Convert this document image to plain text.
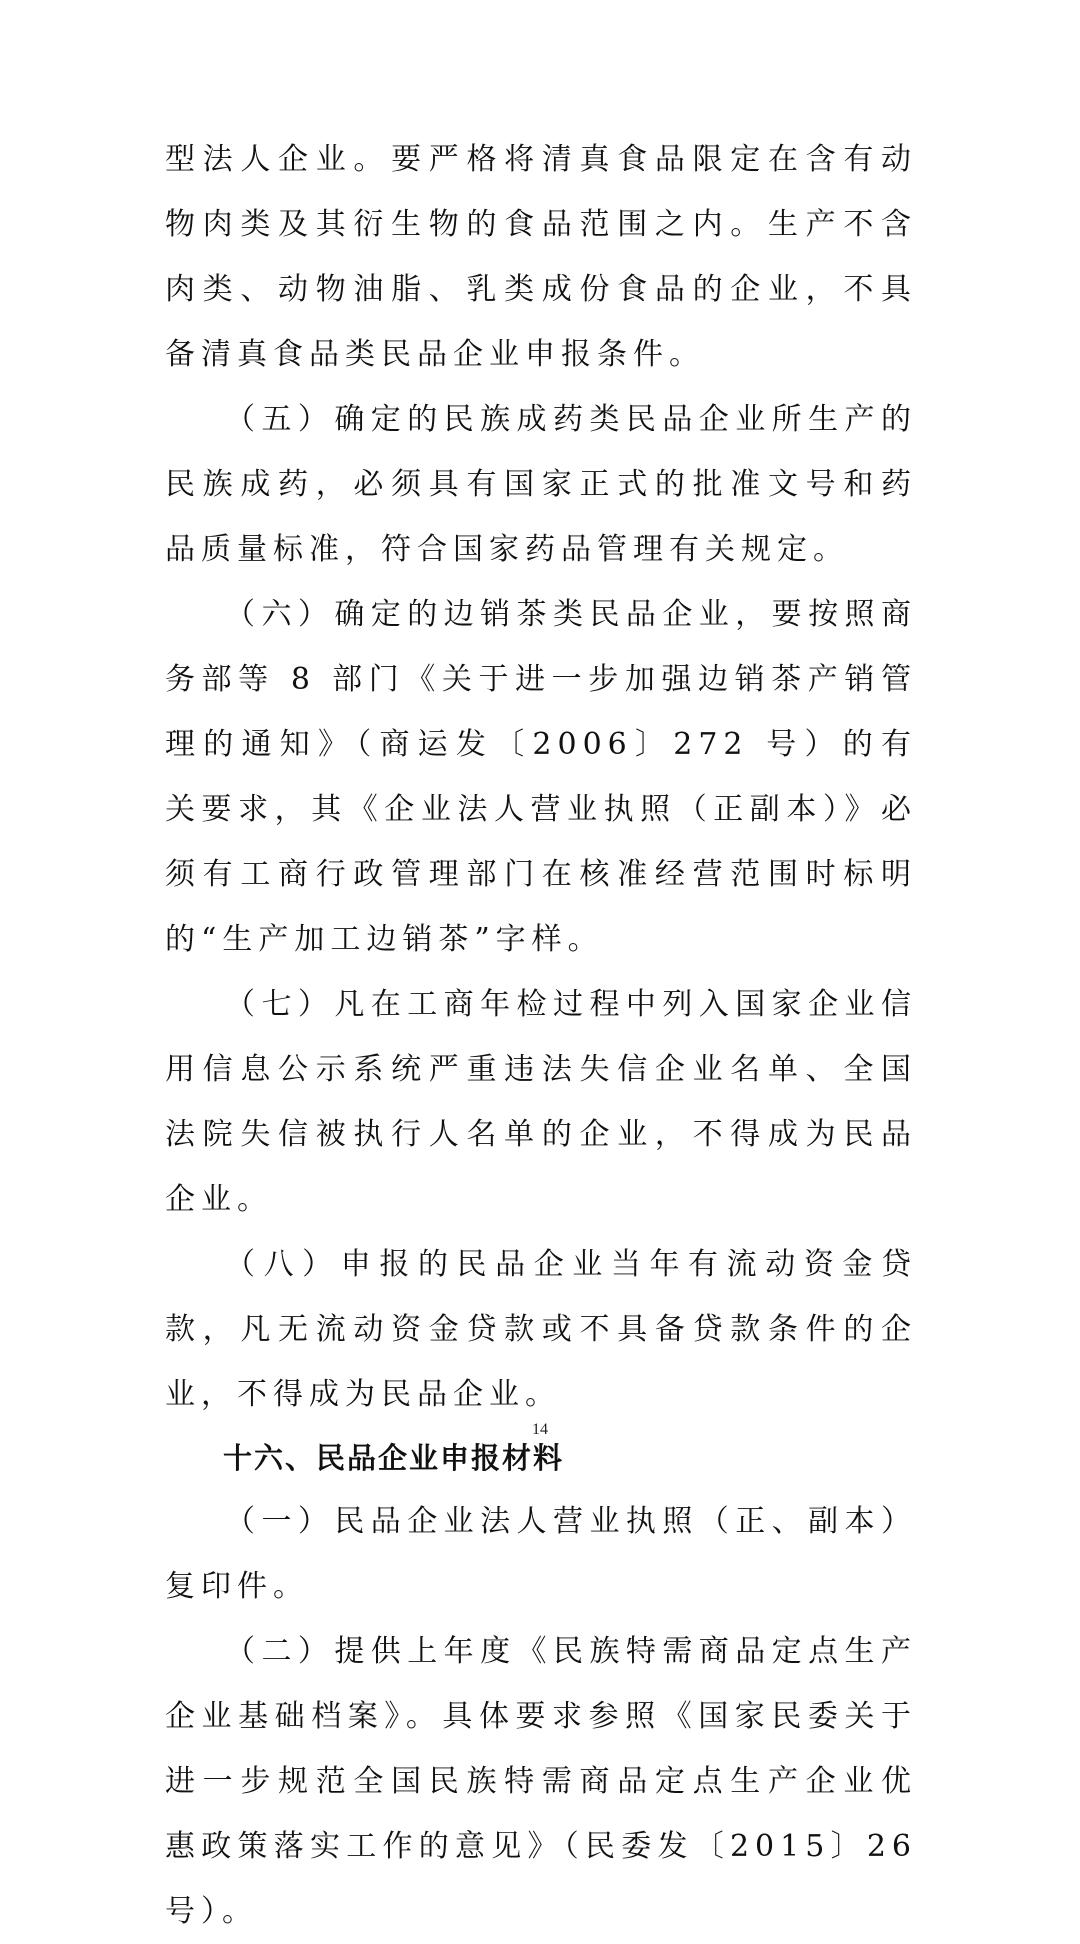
型法人企业。要严格将清真食品限定在含有动物肉类及其衍生物的食品范围之内。生产不含肉类、动物油脂、乳类成份食品的企业，不具备清真食品类民品企业申报条件。

（五）确定的民族成药类民品企业所生产的民族成药，必须具有国家正式的批准文号和药品质量标准，符合国家药品管理有关规定。

（六）确定的边销茶类民品企业，要按照商务部等 8 部门《关于进一步加强边销茶产销管理的通知》（商运发〔2006〕272 号）的有关要求，其《企业法人营业执照（正副本）》必须有工商行政管理部门在核准经营范围时标明的“生产加工边销茶”字样。

（七）凡在工商年检过程中列入国家企业信用信息公示系统严重违法失信企业名单、全国法院失信被执行人名单的企业，不得成为民品企业。

（八）申报的民品企业当年有流动资金贷款，凡无流动资金贷款或不具备贷款条件的企业，不得成为民品企业。

十六、民品企业申报材料

（一）民品企业法人营业执照（正、副本）复印件。

（二）提供上年度《民族特需商品定点生产企业基础档案》。具体要求参照《国家民委关于进一步规范全国民族特需商品定点生产企业优惠政策落实工作的意见》（民委发〔2015〕26 号）。

14
